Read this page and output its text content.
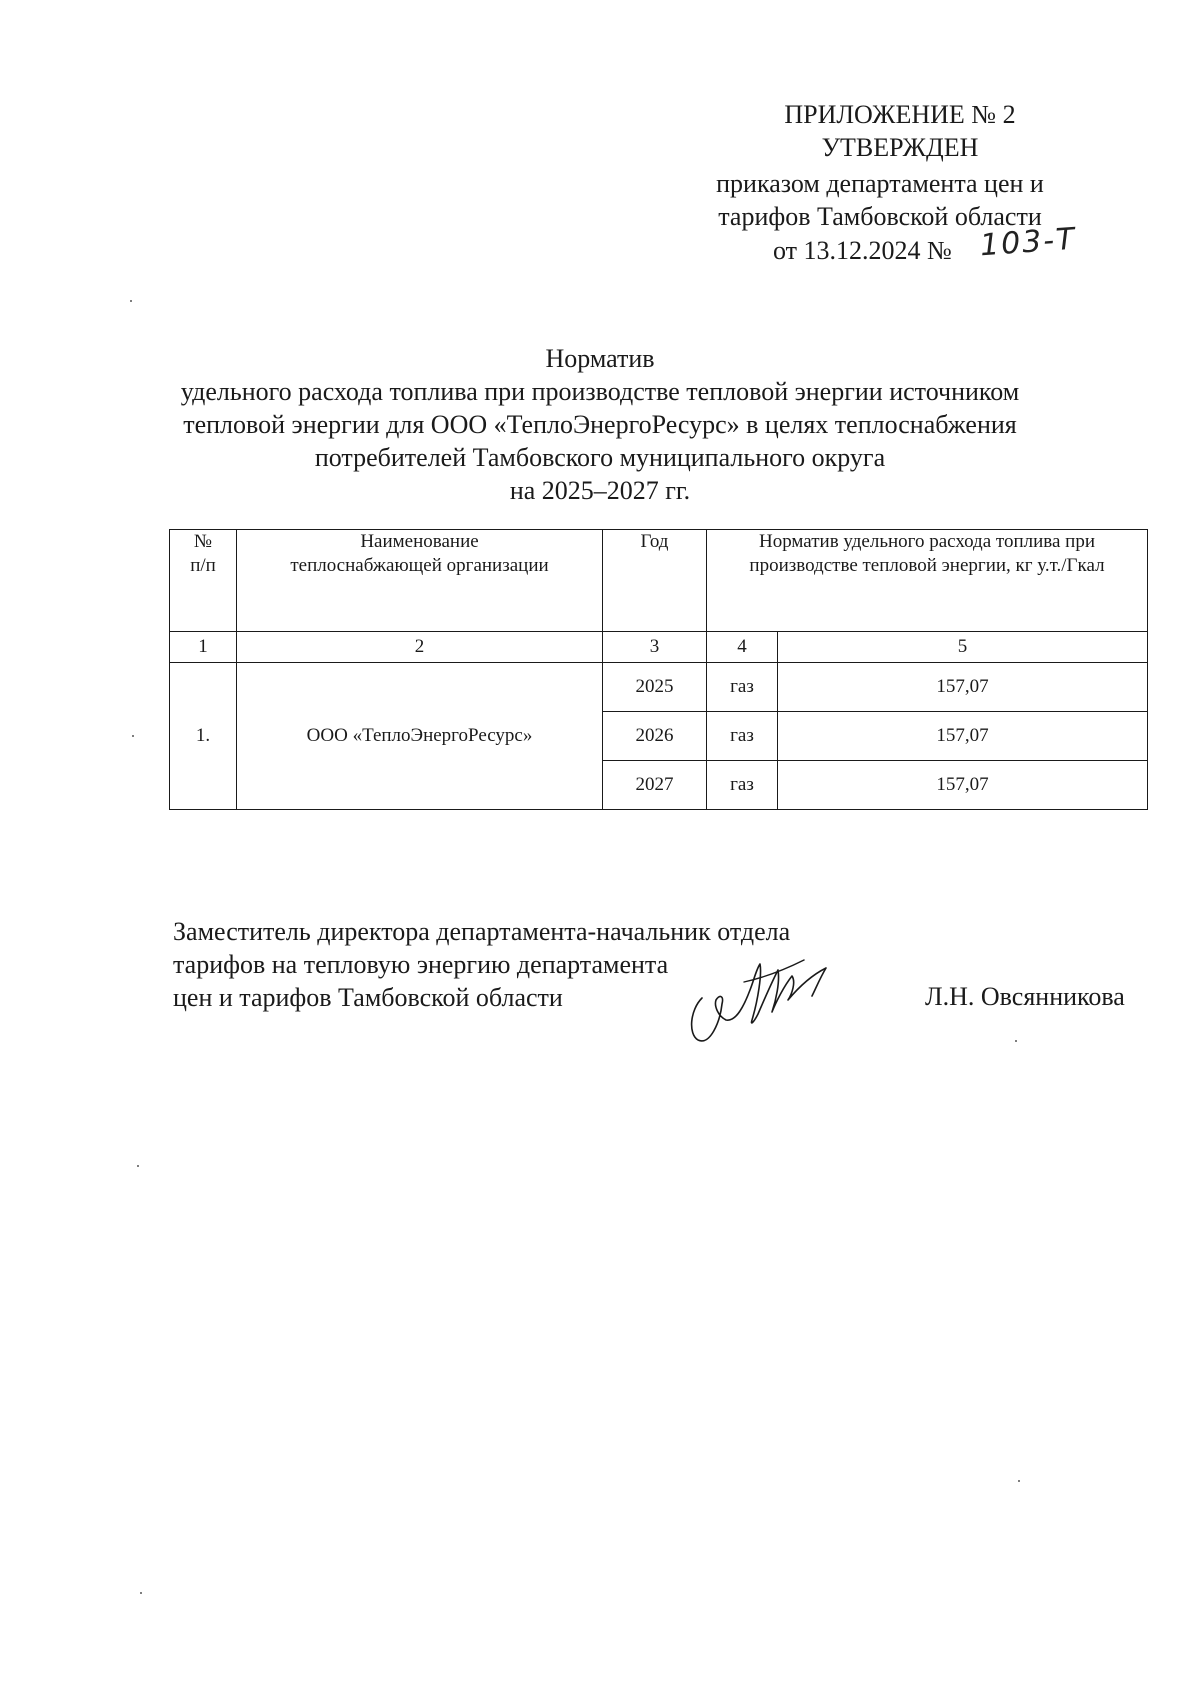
ПРИЛОЖЕНИЕ № 2
УТВЕРЖДЕН
приказом департамента цен и
тарифов Тамбовской области
от 13.12.2024 № 103-Т
Норматив
удельного расхода топлива при производстве тепловой энергии источником
тепловой энергии для ООО «ТеплоЭнергоРесурс» в целях теплоснабжения
потребителей Тамбовского муниципального округа
на 2025–2027 гг.
№ п/п	Наименование теплоснабжающей организации	Год	Норматив удельного расхода топлива при производстве тепловой энергии, кг у.т./Гкал	
1	2	3	4	5
1.	ООО «ТеплоЭнергоРесурс»	2025	газ	157,07
		2026	газ	157,07
		2027	газ	157,07
Заместитель директора департамента-начальник отдела
тарифов на тепловую энергию департамента
цен и тарифов Тамбовской области	Л.Н. Овсянникова
